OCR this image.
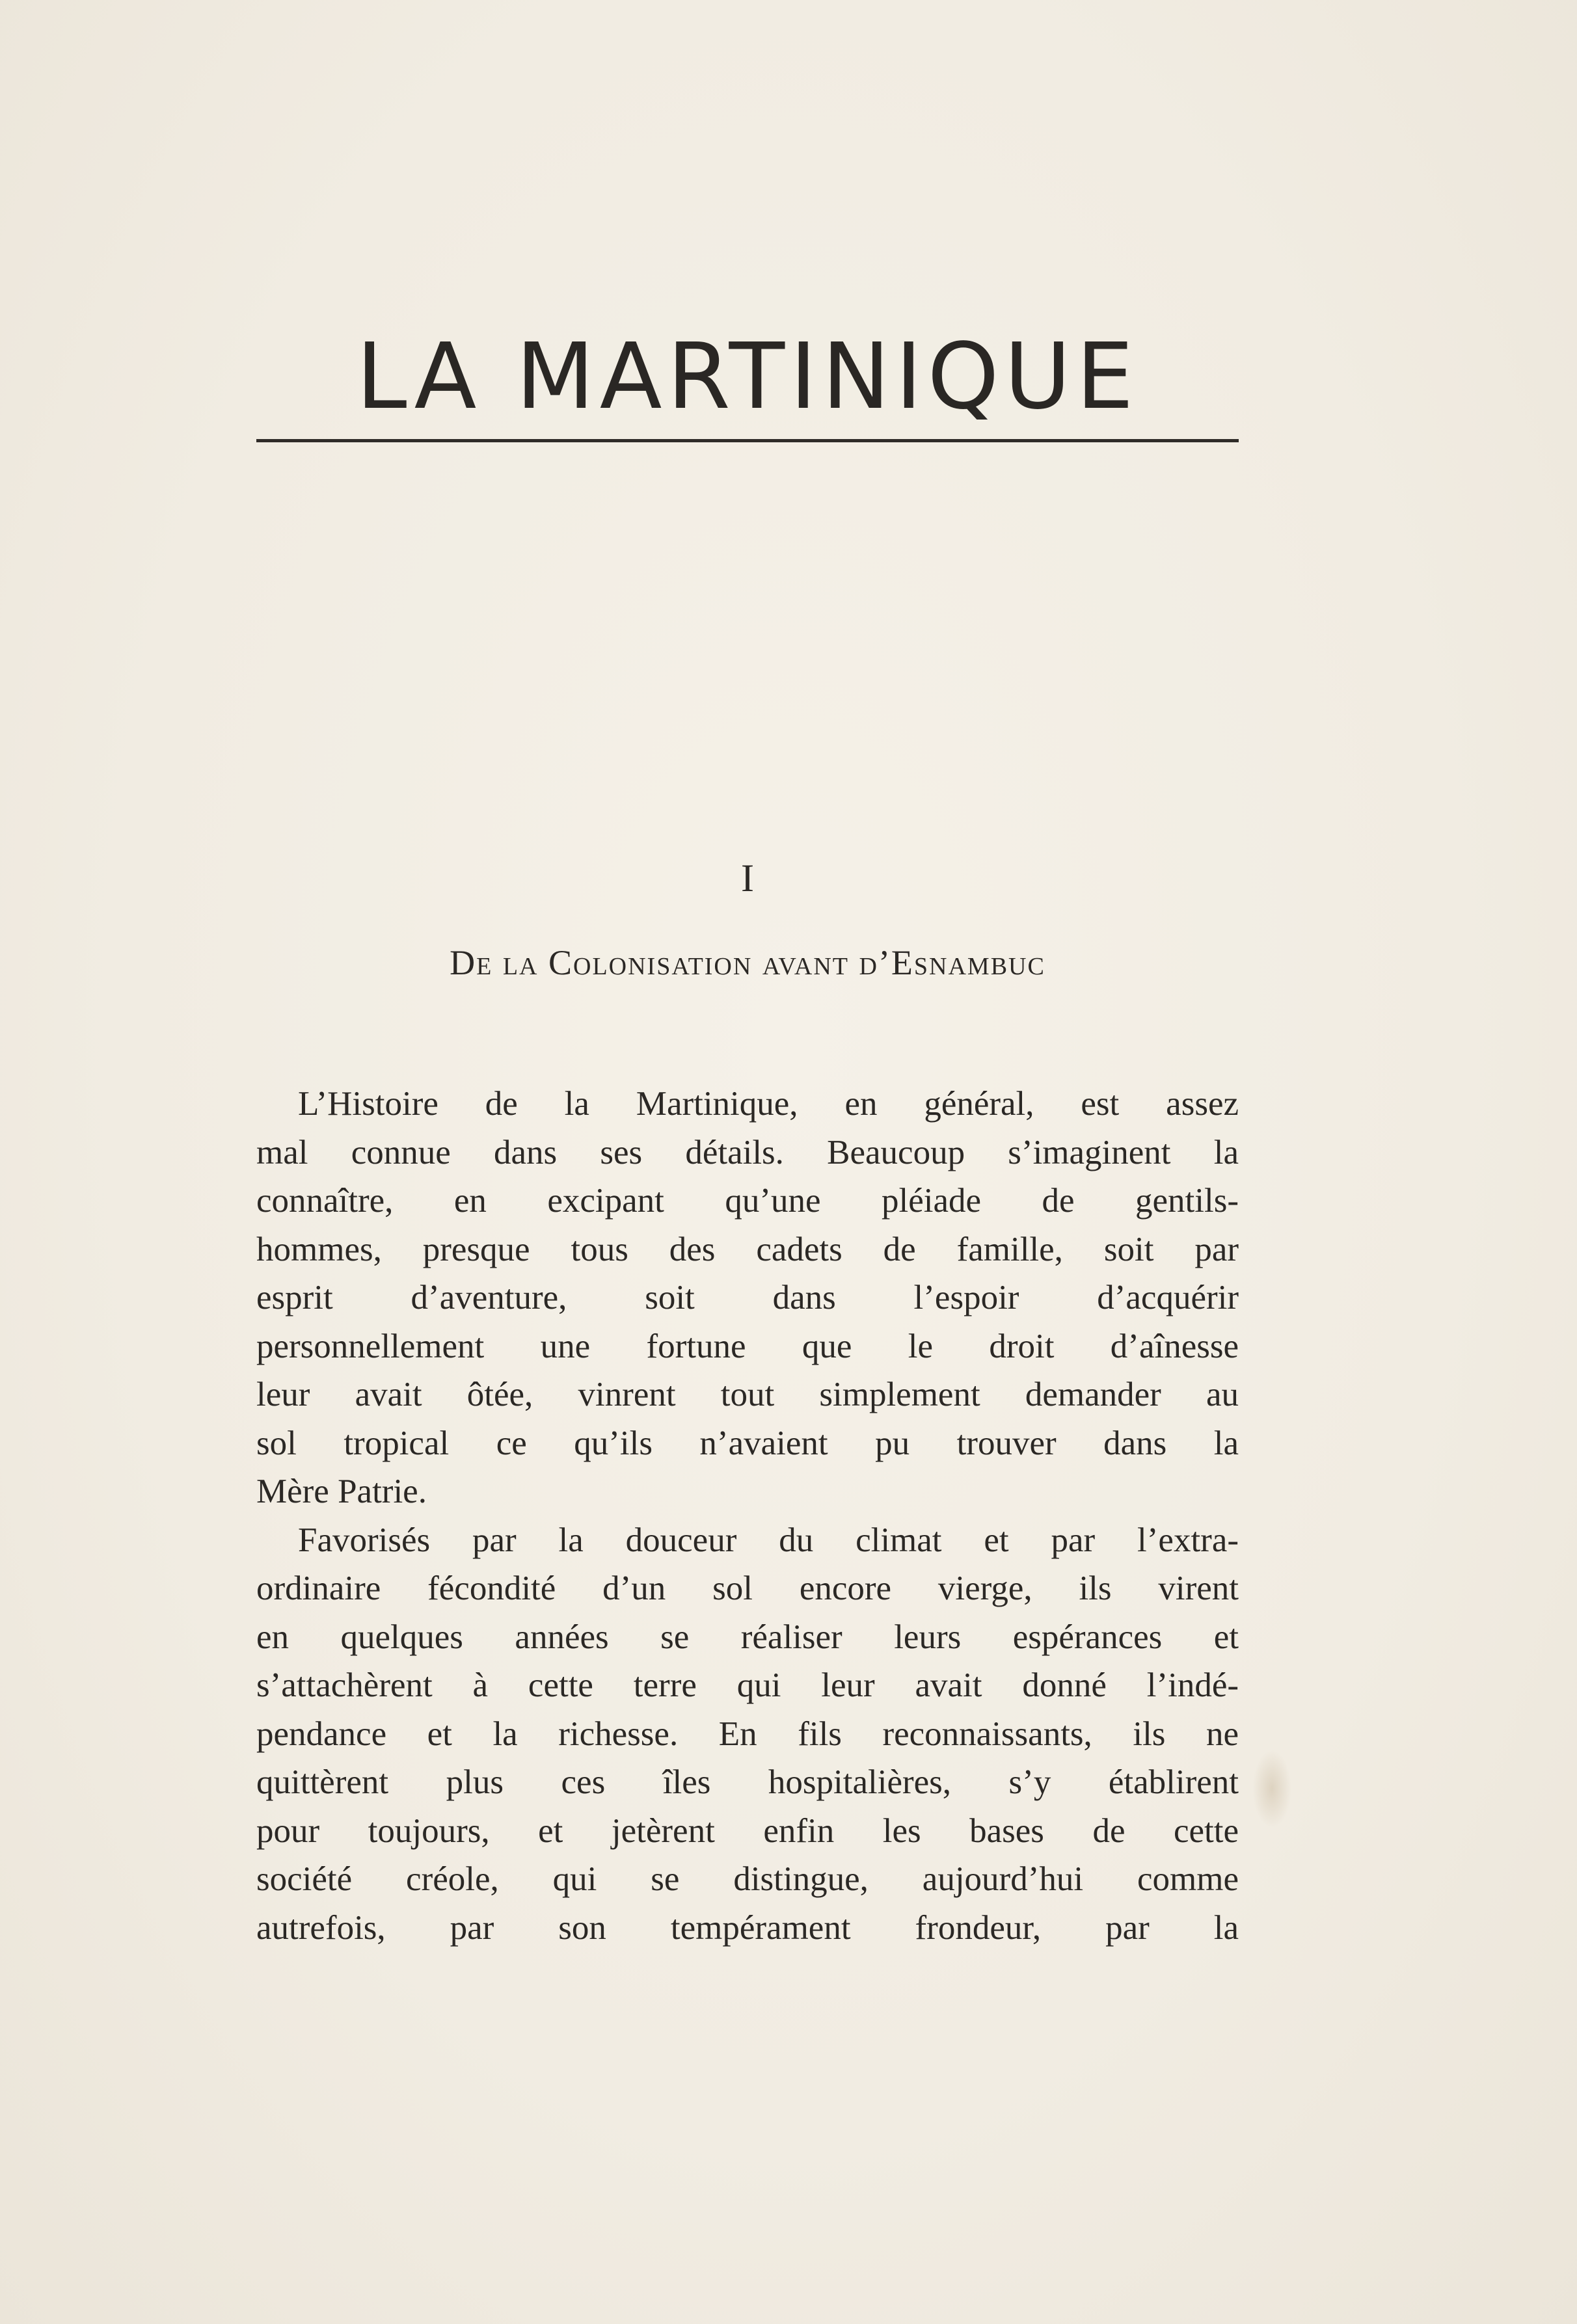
LA MARTINIQUE
I
De la Colonisation avant d’Esnambuc
L’Histoire de la Martinique, en général, est assez
mal connue dans ses détails. Beaucoup s’imaginent la
connaître, en excipant qu’une pléiade de gentils-
hommes, presque tous des cadets de famille, soit par
esprit d’aventure, soit dans l’espoir d’acquérir
personnellement une fortune que le droit d’aînesse
leur avait ôtée, vinrent tout simplement demander au
sol tropical ce qu’ils n’avaient pu trouver dans la
Mère Patrie.
Favorisés par la douceur du climat et par l’extra-
ordinaire fécondité d’un sol encore vierge, ils virent
en quelques années se réaliser leurs espérances et
s’attachèrent à cette terre qui leur avait donné l’indé-
pendance et la richesse. En fils reconnaissants, ils ne
quittèrent plus ces îles hospitalières, s’y établirent
pour toujours, et jetèrent enfin les bases de cette
société créole, qui se distingue, aujourd’hui comme
autrefois, par son tempérament frondeur, par la
